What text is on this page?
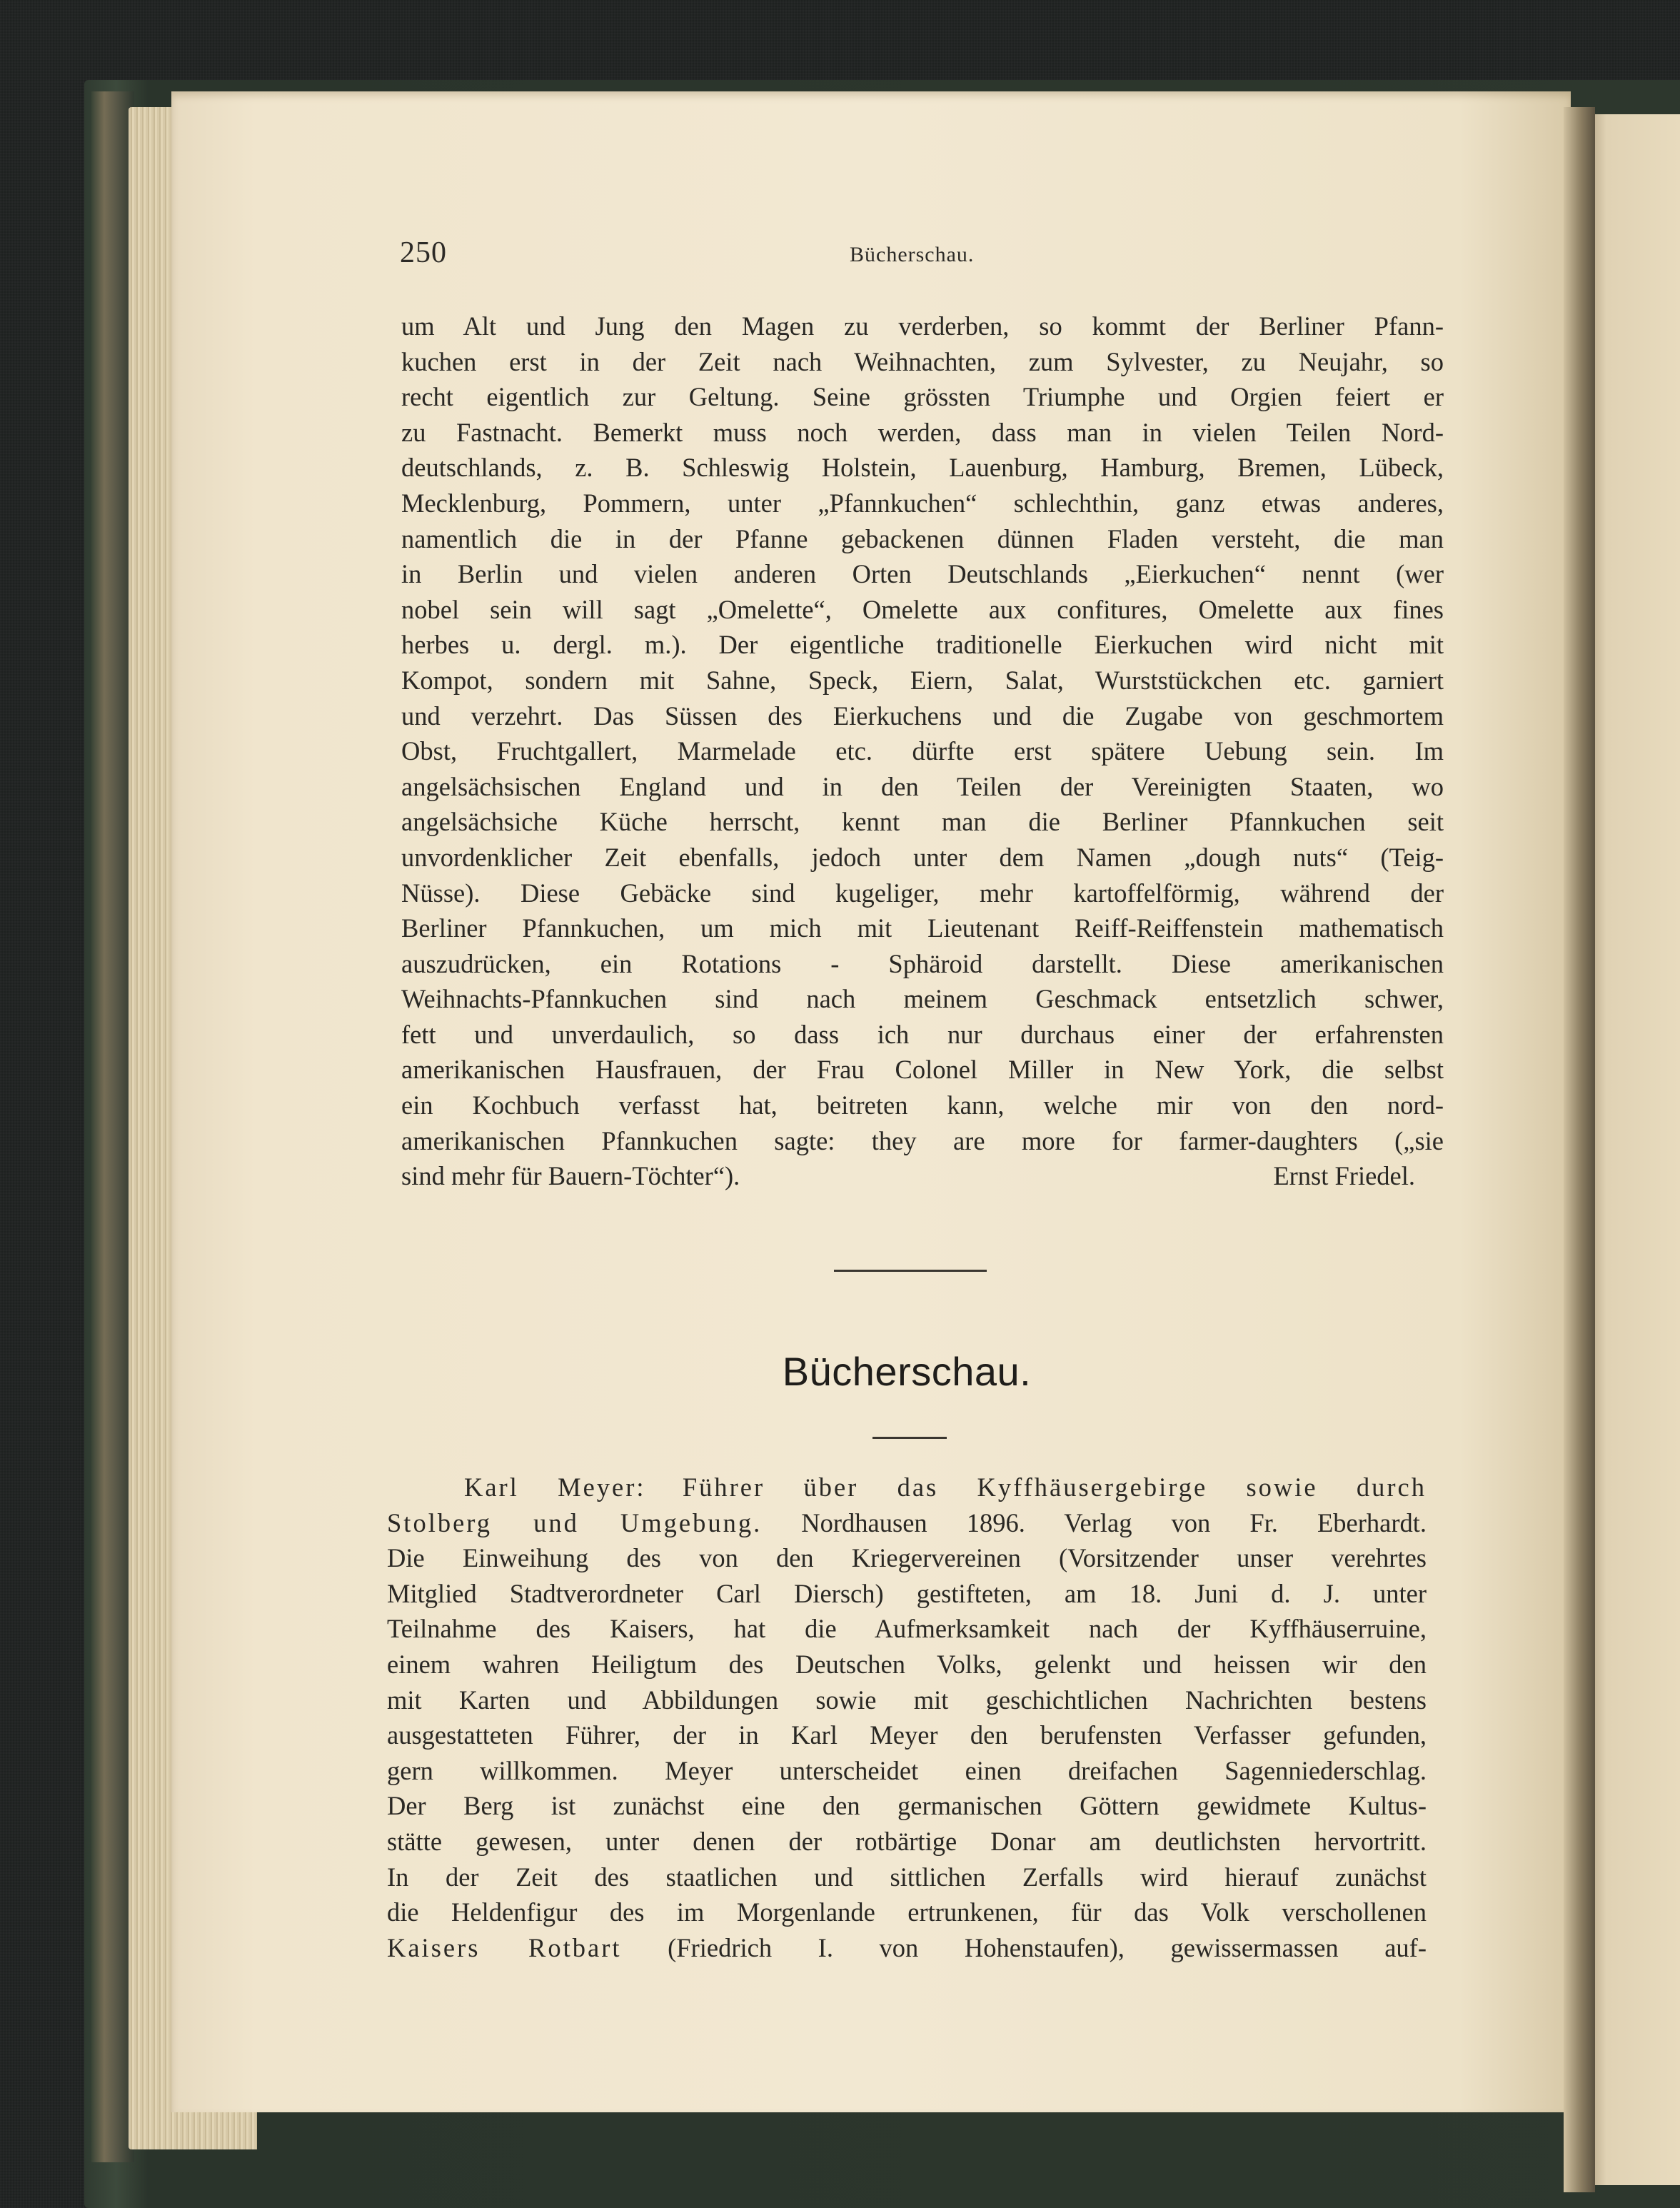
250	Bücherschau.
um Alt und Jung den Magen zu verderben, so kommt der Berliner Pfann-
kuchen erst in der Zeit nach Weihnachten, zum Sylvester, zu Neujahr, so
recht eigentlich zur Geltung. Seine grössten Triumphe und Orgien feiert er
zu Fastnacht. Bemerkt muss noch werden, dass man in vielen Teilen Nord-
deutschlands, z. B. Schleswig Holstein, Lauenburg, Hamburg, Bremen, Lübeck,
Mecklenburg, Pommern, unter „Pfannkuchen“ schlechthin, ganz etwas anderes,
namentlich die in der Pfanne gebackenen dünnen Fladen versteht, die man
in Berlin und vielen anderen Orten Deutschlands „Eierkuchen“ nennt (wer
nobel sein will sagt „Omelette“, Omelette aux confitures, Omelette aux fines
herbes u. dergl. m.). Der eigentliche traditionelle Eierkuchen wird nicht mit
Kompot, sondern mit Sahne, Speck, Eiern, Salat, Wurststückchen etc. garniert
und verzehrt. Das Süssen des Eierkuchens und die Zugabe von geschmortem
Obst, Fruchtgallert, Marmelade etc. dürfte erst spätere Uebung sein. Im
angelsächsischen England und in den Teilen der Vereinigten Staaten, wo
angelsächsiche Küche herrscht, kennt man die Berliner Pfannkuchen seit
unvordenklicher Zeit ebenfalls, jedoch unter dem Namen „dough nuts“ (Teig-
Nüsse). Diese Gebäcke sind kugeliger, mehr kartoffelförmig, während der
Berliner Pfannkuchen, um mich mit Lieutenant Reiff-Reiffenstein mathematisch
auszudrücken, ein Rotations - Sphäroid darstellt. Diese amerikanischen
Weihnachts-Pfannkuchen sind nach meinem Geschmack entsetzlich schwer,
fett und unverdaulich, so dass ich nur durchaus einer der erfahrensten
amerikanischen Hausfrauen, der Frau Colonel Miller in New York, die selbst
ein Kochbuch verfasst hat, beitreten kann, welche mir von den nord-
amerikanischen Pfannkuchen sagte: they are more for farmer-daughters („sie
sind mehr für Bauern-Töchter“).	Ernst Friedel.
Bücherschau.
Karl Meyer: Führer über das Kyffhäusergebirge sowie durch
Stolberg und Umgebung. Nordhausen 1896. Verlag von Fr. Eberhardt.
Die Einweihung des von den Kriegervereinen (Vorsitzender unser verehrtes
Mitglied Stadtverordneter Carl Diersch) gestifteten, am 18. Juni d. J. unter
Teilnahme des Kaisers, hat die Aufmerksamkeit nach der Kyffhäuserruine,
einem wahren Heiligtum des Deutschen Volks, gelenkt und heissen wir den
mit Karten und Abbildungen sowie mit geschichtlichen Nachrichten bestens
ausgestatteten Führer, der in Karl Meyer den berufensten Verfasser gefunden,
gern willkommen. Meyer unterscheidet einen dreifachen Sagenniederschlag.
Der Berg ist zunächst eine den germanischen Göttern gewidmete Kultus-
stätte gewesen, unter denen der rotbärtige Donar am deutlichsten hervortritt.
In der Zeit des staatlichen und sittlichen Zerfalls wird hierauf zunächst
die Heldenfigur des im Morgenlande ertrunkenen, für das Volk verschollenen
Kaisers Rotbart (Friedrich I. von Hohenstaufen), gewissermassen auf-
